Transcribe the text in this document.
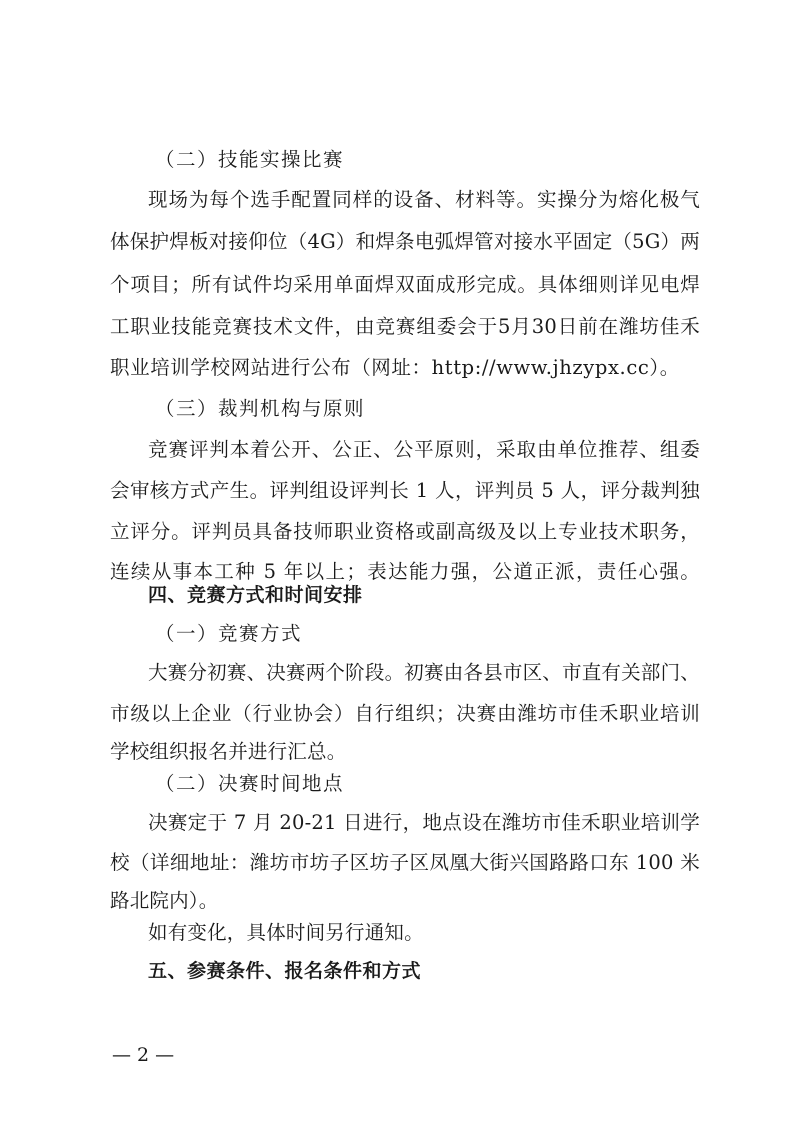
（二）技能实操比赛
现场为每个选手配置同样的设备、材料等。实操分为熔化极气
体保护焊板对接仰位（4G）和焊条电弧焊管对接水平固定（5G）两
个项目；所有试件均采用单面焊双面成形完成。具体细则详见电焊
工职业技能竞赛技术文件，由竞赛组委会于5月30日前在潍坊佳禾
职业培训学校网站进行公布（网址：http://www.jhzypx.cc）。
（三）裁判机构与原则
竞赛评判本着公开、公正、公平原则，采取由单位推荐、组委
会审核方式产生。评判组设评判长 1 人，评判员 5 人，评分裁判独
立评分。评判员具备技师职业资格或副高级及以上专业技术职务，
连续从事本工种 5 年以上；表达能力强，公道正派，责任心强。
四、竞赛方式和时间安排
（一）竞赛方式
大赛分初赛、决赛两个阶段。初赛由各县市区、市直有关部门、
市级以上企业（行业协会）自行组织；决赛由潍坊市佳禾职业培训
学校组织报名并进行汇总。
（二）决赛时间地点
决赛定于 7 月 20-21 日进行，地点设在潍坊市佳禾职业培训学
校（详细地址：潍坊市坊子区坊子区凤凰大街兴国路路口东 100 米
路北院内）。
如有变化，具体时间另行通知。
五、参赛条件、报名条件和方式
— 2 —
